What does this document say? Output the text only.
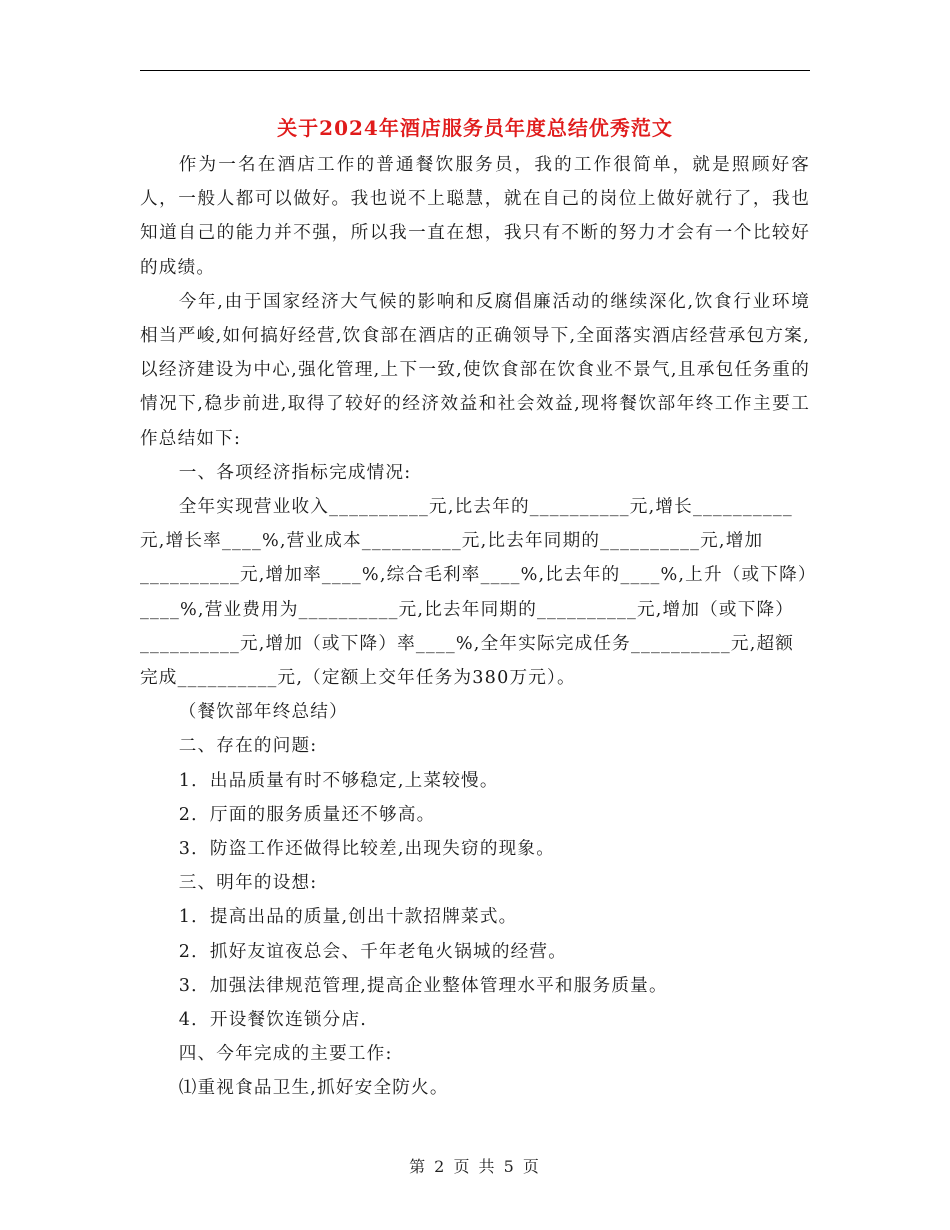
关于2024年酒店服务员年度总结优秀范文

作为一名在酒店工作的普通餐饮服务员，我的工作很简单，就是照顾好客人，一般人都可以做好。我也说不上聪慧，就在自己的岗位上做好就行了，我也知道自己的能力并不强，所以我一直在想，我只有不断的努力才会有一个比较好的成绩。

今年,由于国家经济大气候的影响和反腐倡廉活动的继续深化,饮食行业环境相当严峻,如何搞好经营,饮食部在酒店的正确领导下,全面落实酒店经营承包方案,以经济建设为中心,强化管理,上下一致,使饮食部在饮食业不景气,且承包任务重的情况下,稳步前进,取得了较好的经济效益和社会效益,现将餐饮部年终工作主要工作总结如下:

一、各项经济指标完成情况:

全年实现营业收入__________元,比去年的__________元,增长__________元,增长率____%,营业成本__________元,比去年同期的__________元,增加__________元,增加率____%,综合毛利率____%,比去年的____%,上升（或下降）____%,营业费用为__________元,比去年同期的__________元,增加（或下降）__________元,增加（或下降）率____%,全年实际完成任务__________元,超额完成__________元,（定额上交年任务为380万元）。

（餐饮部年终总结）

二、存在的问题:

1．出品质量有时不够稳定,上菜较慢。

2．厅面的服务质量还不够高。

3．防盗工作还做得比较差,出现失窃的现象。

三、明年的设想:

1．提高出品的质量,创出十款招牌菜式。

2．抓好友谊夜总会、千年老龟火锅城的经营。

3．加强法律规范管理,提高企业整体管理水平和服务质量。

4．开设餐饮连锁分店.

四、今年完成的主要工作:

⑴重视食品卫生,抓好安全防火。

第 2 页 共 5 页
